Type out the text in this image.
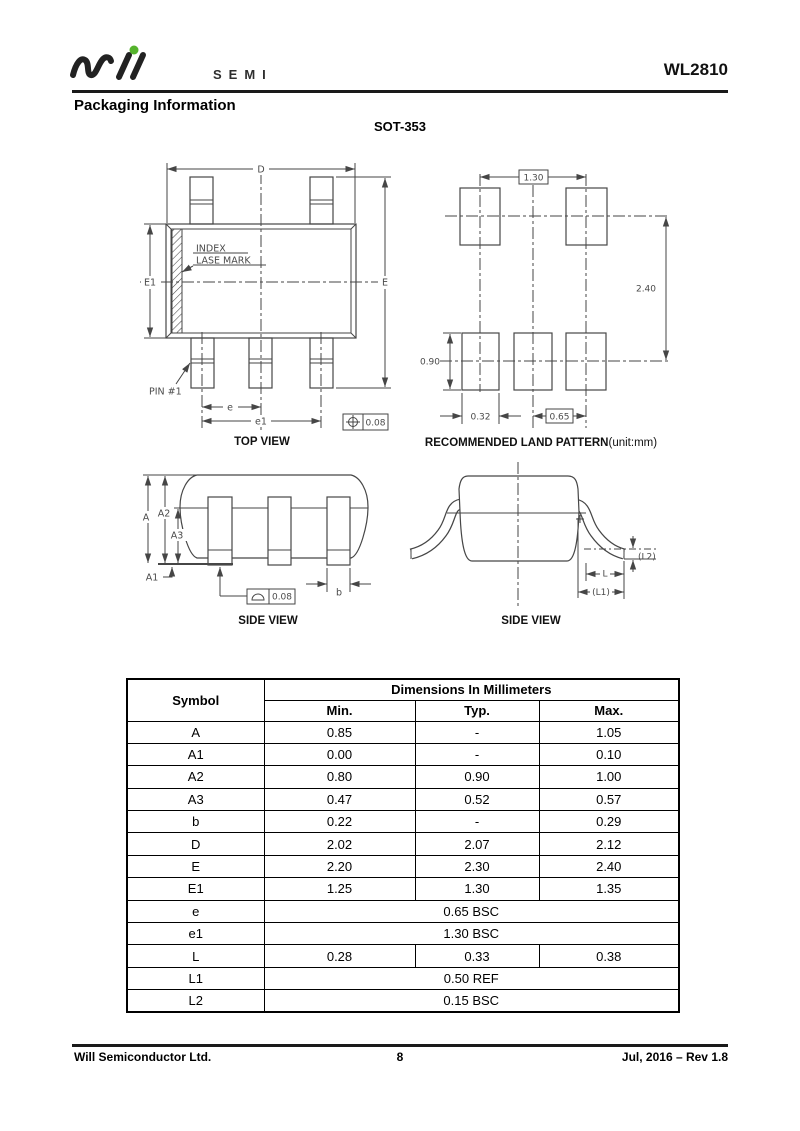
SEMI	WL2810
Packaging Information
SOT-353
D
E
E1
INDEX
LASE MARK
PIN #1
e
e1	0.08
TOP VIEW
1.30
2.40
0.90
0.32	0.65
RECOMMENDED LAND PATTERN(unit:mm)
A A2
A3
A1
b
0.08
SIDE VIEW
(L2)
L
(L1)
SIDE VIEW
Symbol	Dimensions In Millimeters		
	Min.	Typ.	Max.
A	0.85	-	1.05
A1	0.00	-	0.10
A2	0.80	0.90	1.00
A3	0.47	0.52	0.57
b	0.22	-	0.29
D	2.02	2.07	2.12
E	2.20	2.30	2.40
E1	1.25	1.30	1.35
e	0.65 BSC		
e1	1.30 BSC		
L	0.28	0.33	0.38
L1	0.50 REF		
L2	0.15 BSC		
Will Semiconductor Ltd.	8	Jul, 2016 – Rev 1.8
